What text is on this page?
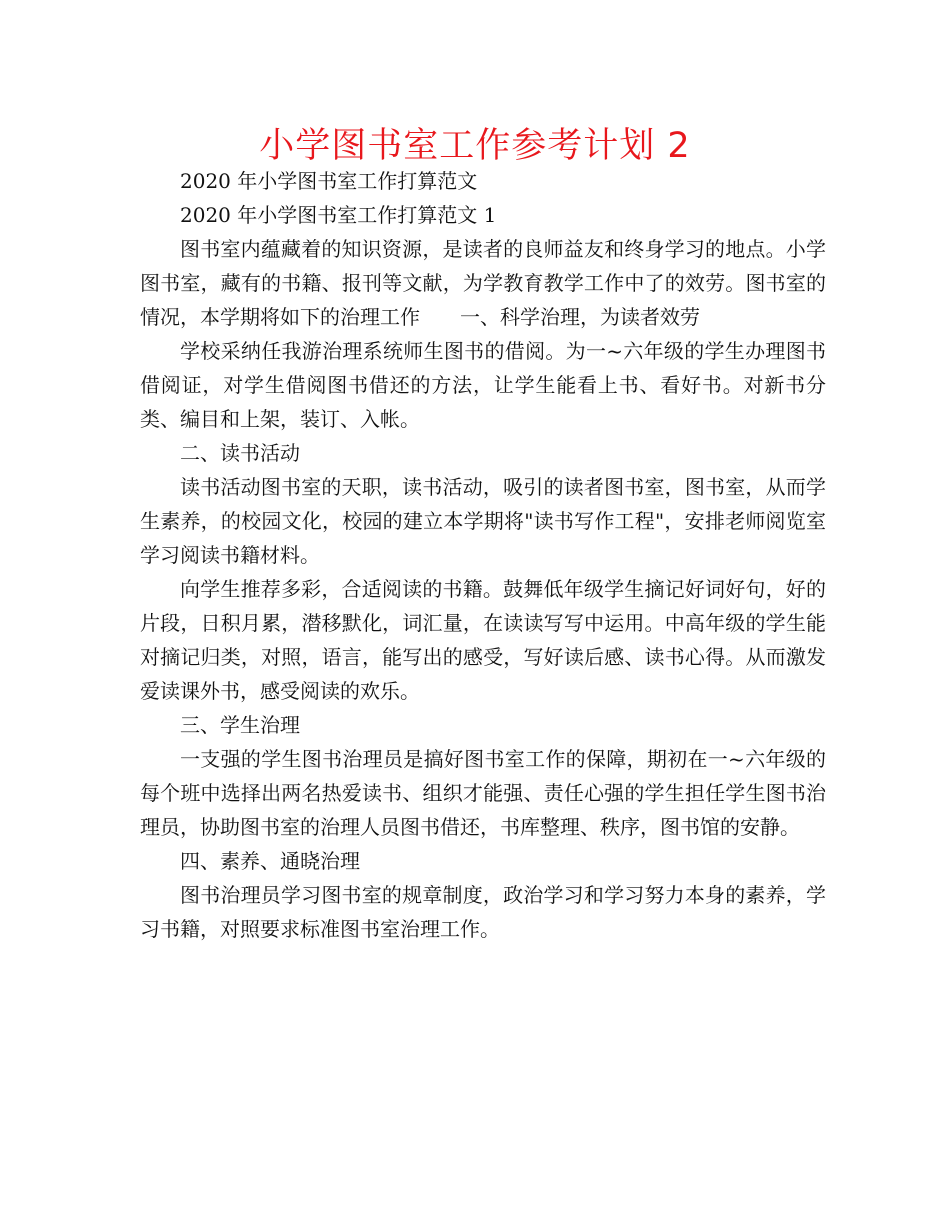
小学图书室工作参考计划 2

2020 年小学图书室工作打算范文

2020 年小学图书室工作打算范文 1

图书室内蕴藏着的知识资源，是读者的良师益友和终身学习的地点。小学图书室，藏有的书籍、报刊等文献，为学教育教学工作中了的效劳。图书室的情况，本学期将如下的治理工作　　一、科学治理，为读者效劳

学校采纳任我游治理系统师生图书的借阅。为一~六年级的学生办理图书借阅证，对学生借阅图书借还的方法，让学生能看上书、看好书。对新书分类、编目和上架，装订、入帐。

二、读书活动

读书活动图书室的天职，读书活动，吸引的读者图书室，图书室，从而学生素养，的校园文化，校园的建立本学期将"读书写作工程"，安排老师阅览室学习阅读书籍材料。

向学生推荐多彩，合适阅读的书籍。鼓舞低年级学生摘记好词好句，好的片段，日积月累，潜移默化，词汇量，在读读写写中运用。中高年级的学生能对摘记归类，对照，语言，能写出的感受，写好读后感、读书心得。从而激发爱读课外书，感受阅读的欢乐。

三、学生治理

一支强的学生图书治理员是搞好图书室工作的保障，期初在一~六年级的每个班中选择出两名热爱读书、组织才能强、责任心强的学生担任学生图书治理员，协助图书室的治理人员图书借还，书库整理、秩序，图书馆的安静。

四、素养、通晓治理

图书治理员学习图书室的规章制度，政治学习和学习努力本身的素养，学习书籍，对照要求标准图书室治理工作。
